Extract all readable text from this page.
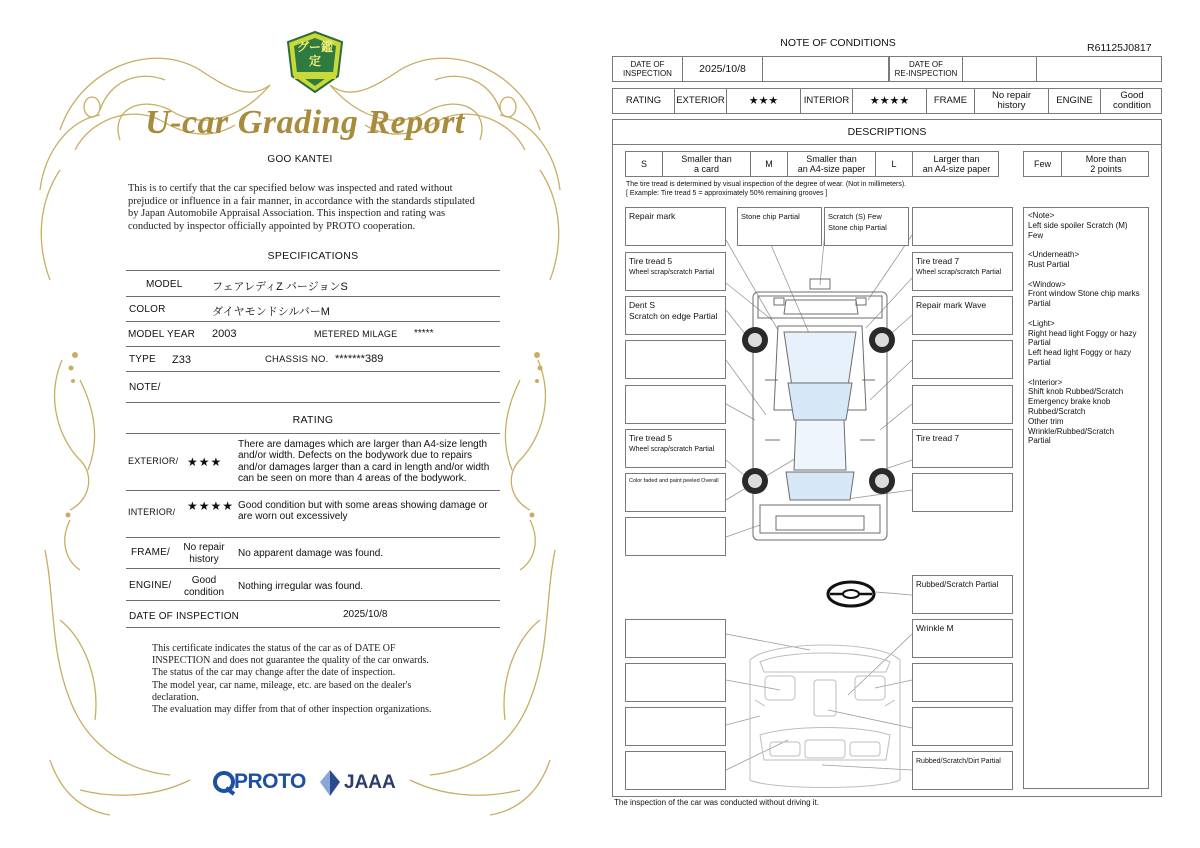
グー鑑定
U-car Grading Report
GOO KANTEI
This is to certify that the car specified below was inspected and rated without prejudice or influence in a fair manner, in accordance with the standards stipulated by Japan Automobile Appraisal Association. This inspection and rating was conducted by inspector officially appointed by PROTO cooperation.
SPECIFICATIONS
MODEL	フェアレディZ バージョンS
COLOR	ダイヤモンドシルバーM
MODEL YEAR 2003	METERED MILAGE *****
TYPE Z33	CHASSIS NO. *******389
NOTE/
RATING
EXTERIOR/ ★★★
There are damages which are larger than A4-size length and/or width. Defects on the bodywork due to repairs and/or damages larger than a card in length and/or width can be seen on more than 4 areas of the bodywork.
INTERIOR/ ★★★★ Good condition but with some areas showing damage or are worn out excessively
FRAME/	No repair
history
No apparent damage was found.
ENGINE/	Good
condition
Nothing irregular was found.
DATE OF INSPECTION	2025/10/8
This certificate indicates the status of the car as of DATE OF
INSPECTION and does not guarantee the quality of the car onwards.
The status of the car may change after the date of inspection.
The model year, car name, mileage, etc. are based on the dealer's
declaration.
The evaluation may differ from that of other inspection organizations.
PROTO JAAA
NOTE OF CONDITIONS	R61125J0817
DATE OF
INSPECTION	2025/10/8	DATE OF
RE-INSPECTION
RATING	EXTERIOR	★★★	INTERIOR	★★★★	FRAME	No repair
history	ENGINE	Good
condition
DESCRIPTIONS
S	Smaller than
a card	M	Smaller than
an A4-size paper	L	Larger than
an A4-size paper	Few	More than
2 points
The tire tread is determined by visual inspection of the degree of wear. (Not in millimeters).
[ Example: Tire tread 5 = approximately 50% remaining grooves ]
Repair mark
Tire tread 5
Wheel scrap/scratch Partial
Dent S
Scratch on edge Partial
Tire tread 5
Wheel scrap/scratch Partial
Color faded and paint peeled Overall
Stone chip Partial	Scratch (S) Few
Stone chip Partial
Tire tread 7
Wheel scrap/scratch Partial
Repair mark Wave
Tire tread 7
Rubbed/Scratch Partial
Wrinkle M
Rubbed/Scratch/Dirt Partial
<Note>
Left side spoiler Scratch (M)
Few
<Underneath>
Rust Partial
<Window>
Front window Stone chip marks
Partial
<Light>
Right head light Foggy or hazy
Partial
Left head light Foggy or hazy
Partial
<Interior>
Shift knob Rubbed/Scratch
Emergency brake knob
Rubbed/Scratch
Other trim
Wrinkle/Rubbed/Scratch
Partial
The inspection of the car was conducted without driving it.
